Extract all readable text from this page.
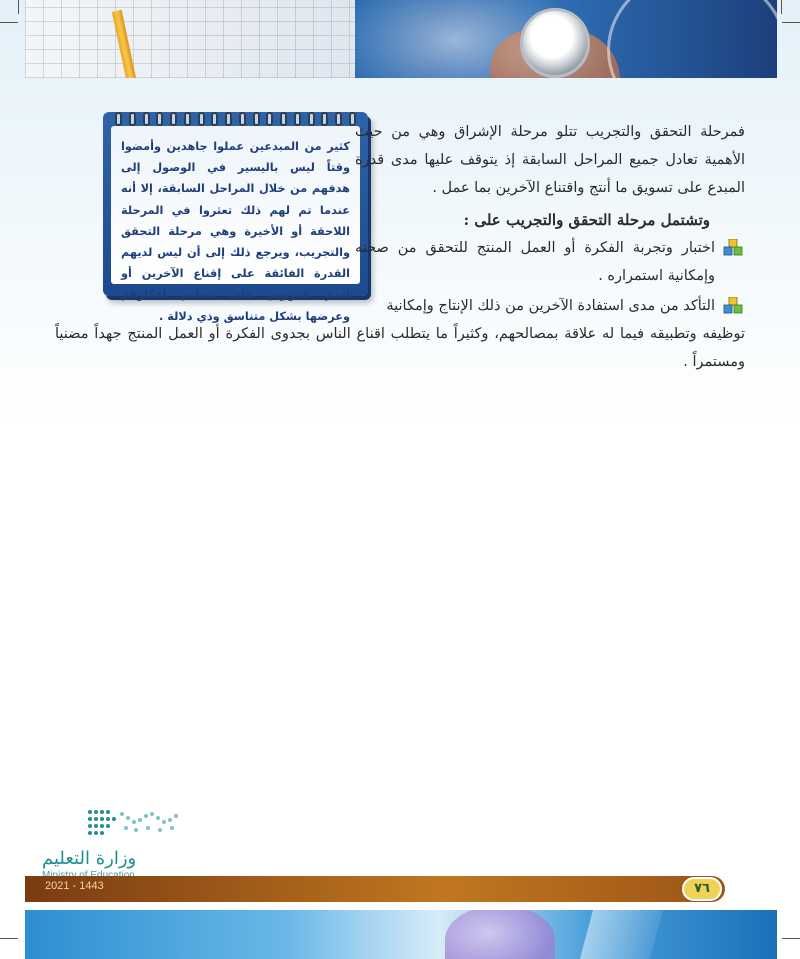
كثير من المبدعين عملوا جاهدين وأمضوا وقتاً ليس باليسير في الوصول إلى هدفهم من خلال المراحل السابقة، إلا أنه عندما تم لهم ذلك تعثروا في المرحلة اللاحقة أو الأخيرة وهي مرحلة التحقق والتجريب، ويرجع ذلك إلى أن ليس لديهم القدرة الفائقة على إقناع الآخرين أو لعدم قدرتهم على تنظيم أفكارهم وعرضها بشكل متناسق وذي دلالة .

فمرحلة التحقق والتجريب تتلو مرحلة الإشراق وهي من حيث الأهمية تعادل جميع المراحل السابقة إذ يتوقف عليها مدى قدرة المبدع على تسويق ما أنتج واقتناع الآخرين بما عمل .

وتشتمل مرحلة التحقق والتجريب على :

اختبار وتجربة الفكرة أو العمل المنتج للتحقق من صحته وإمكانية استمراره .
التأكد من مدى استفادة الآخرين من ذلك الإنتاج وإمكانية

توظيفه وتطبيقه فيما له علاقة بمصالحهم، وكثيراً ما يتطلب اقناع الناس بجدوى الفكرة أو العمل المنتج جهداً مضنياً ومستمراً .

وزارة التعليم
2021 - 1443	٧٦
